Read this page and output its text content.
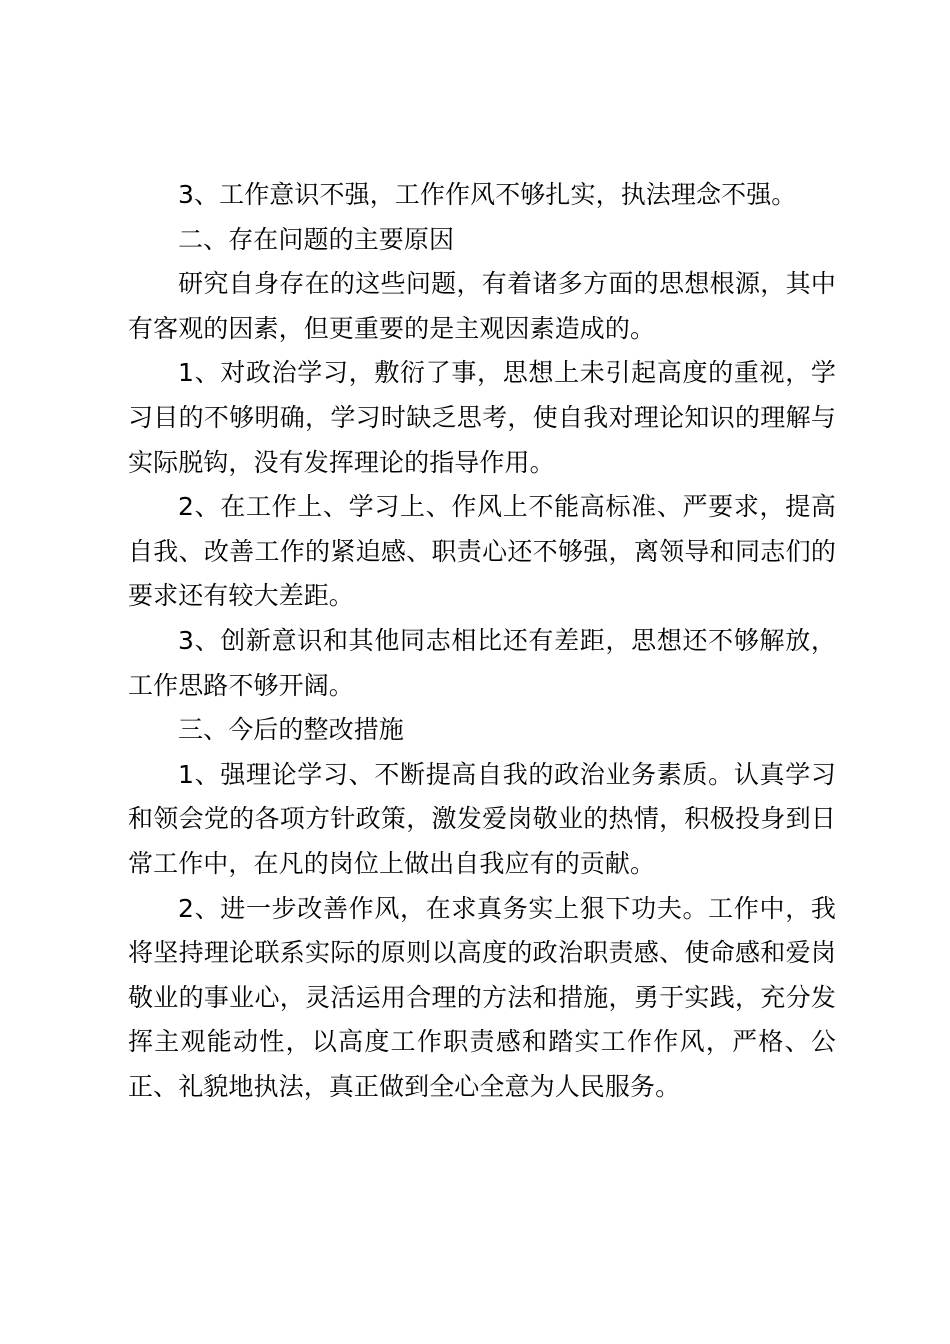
3、工作意识不强，工作作风不够扎实，执法理念不强。

二、存在问题的主要原因

研究自身存在的这些问题，有着诸多方面的思想根源，其中有客观的因素，但更重要的是主观因素造成的。

1、对政治学习，敷衍了事，思想上未引起高度的重视，学习目的不够明确，学习时缺乏思考，使自我对理论知识的理解与实际脱钩，没有发挥理论的指导作用。

2、在工作上、学习上、作风上不能高标准、严要求，提高自我、改善工作的紧迫感、职责心还不够强，离领导和同志们的要求还有较大差距。

3、创新意识和其他同志相比还有差距，思想还不够解放，工作思路不够开阔。

三、今后的整改措施

1、强理论学习、不断提高自我的政治业务素质。认真学习和领会党的各项方针政策，激发爱岗敬业的热情，积极投身到日常工作中，在凡的岗位上做出自我应有的贡献。

2、进一步改善作风，在求真务实上狠下功夫。工作中，我将坚持理论联系实际的原则以高度的政治职责感、使命感和爱岗敬业的事业心，灵活运用合理的方法和措施，勇于实践，充分发挥主观能动性，以高度工作职责感和踏实工作作风，严格、公正、礼貌地执法，真正做到全心全意为人民服务。
